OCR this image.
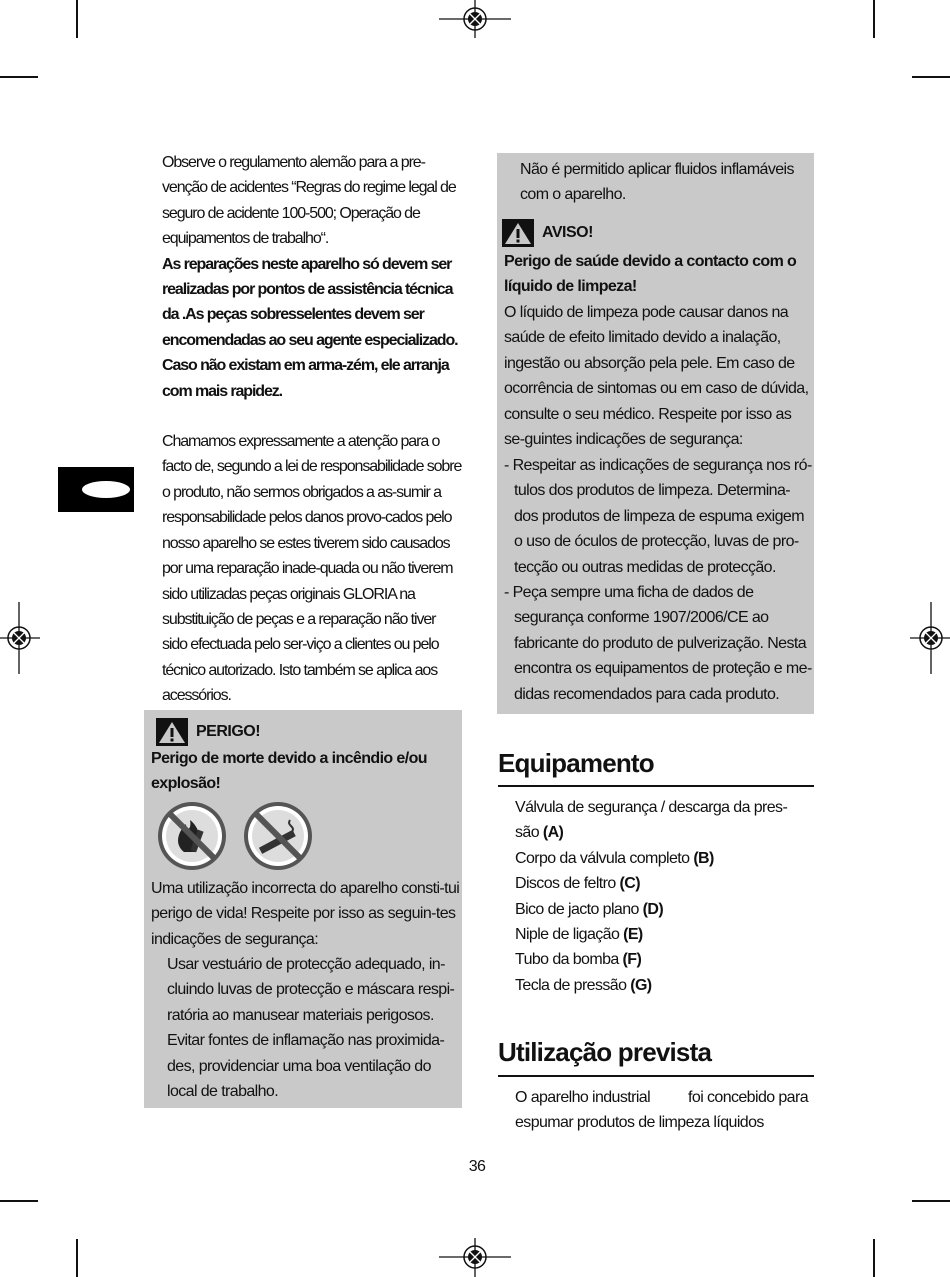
Observe o regulamento alemão para a pre-venção de acidentes “Regras do regime legal de seguro de acidente 100-500; Operação de equipamentos de trabalho“.

As reparações neste aparelho só devem ser realizadas por pontos de assistência técnica da .As peças sobresselentes devem ser encomendadas ao seu agente especializado. Caso não existam em arma-zém, ele arranja com mais rapidez.

Chamamos expressamente a atenção para o facto de, segundo a lei de responsabilidade sobre o produto, não sermos obrigados a as-sumir a responsabilidade pelos danos provo-cados pelo nosso aparelho se estes tiverem sido causados por uma reparação inade-quada ou não tiverem sido utilizadas peças originais GLORIA na substituição de peças e a reparação não tiver sido efectuada pelo ser-viço a clientes ou pelo técnico autorizado. Isto também se aplica aos acessórios.

PERIGO!
Perigo de morte devido a incêndio e/ou explosão!
Uma utilização incorrecta do aparelho consti-tui perigo de vida! Respeite por isso as seguin-tes indicações de segurança:

Usar vestuário de protecção adequado, in-cluindo luvas de protecção e máscara respi-ratória ao manusear materiais perigosos.

Evitar fontes de inflamação nas proximida-des, providenciar uma boa ventilação do local de trabalho.

Não é permitido aplicar fluidos inflamáveis com o aparelho.
AVISO!
Perigo de saúde devido a contacto com o líquido de limpeza!
O líquido de limpeza pode causar danos na saúde de efeito limitado devido a inalação, ingestão ou absorção pela pele. Em caso de ocorrência de sintomas ou em caso de dúvida, consulte o seu médico. Respeite por isso as se-guintes indicações de segurança:

- Respeitar as indicações de segurança nos ró-tulos dos produtos de limpeza. Determina-dos produtos de limpeza de espuma exigem o uso de óculos de protecção, luvas de pro-tecção ou outras medidas de protecção.

- Peça sempre uma ficha de dados de segurança conforme 1907/2006/CE ao fabricante do produto de pulverização. Nesta encontra os equipamentos de proteção e me-didas recomendados para cada produto.

Equipamento

Válvula de segurança / descarga da pres-são (A)

Corpo da válvula completo (B)

Discos de feltro (C)

Bico de jacto plano (D)

Niple de ligação (E)

Tubo da bomba (F)

Tecla de pressão (G)

Utilização prevista
O aparelho industrial foi concebido para espumar produtos de limpeza líquidos
36
